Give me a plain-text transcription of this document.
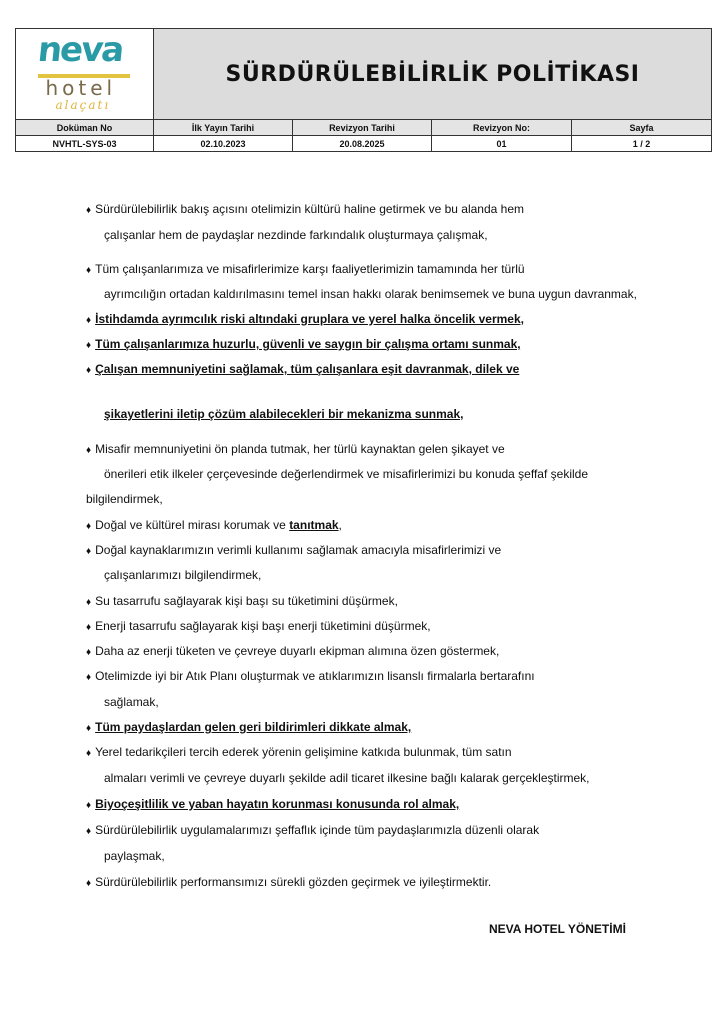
neva
hotel
alaçatı	SÜRDÜRÜLEBİLİRLİK POLİTİKASI			
Doküman No	İlk Yayın Tarihi	Revizyon Tarihi	Revizyon No:	Sayfa
NVHTL-SYS-03	02.10.2023	20.08.2025	01	1 / 2
♦ Sürdürülebilirlik bakış açısını otelimizin kültürü haline getirmek ve bu alanda hem
çalışanlar hem de paydaşlar nezdinde farkındalık oluşturmaya çalışmak,
♦ Tüm çalışanlarımıza ve misafirlerimize karşı faaliyetlerimizin tamamında her türlü
ayrımcılığın ortadan kaldırılmasını temel insan hakkı olarak benimsemek ve buna uygun davranmak,
♦ İstihdamda ayrımcılık riski altındaki gruplara ve yerel halka öncelik vermek,
♦ Tüm çalışanlarımıza huzurlu, güvenli ve saygın bir çalışma ortamı sunmak,
♦ Çalışan memnuniyetini sağlamak, tüm çalışanlara eşit davranmak, dilek ve
şikayetlerini iletip çözüm alabilecekleri bir mekanizma sunmak,
♦ Misafir memnuniyetini ön planda tutmak, her türlü kaynaktan gelen şikayet ve
önerileri etik ilkeler çerçevesinde değerlendirmek ve misafirlerimizi bu konuda şeffaf şekilde
bilgilendirmek,
♦ Doğal ve kültürel mirası korumak ve tanıtmak,
♦ Doğal kaynaklarımızın verimli kullanımı sağlamak amacıyla misafirlerimizi ve
çalışanlarımızı bilgilendirmek,
♦ Su tasarrufu sağlayarak kişi başı su tüketimini düşürmek,
♦ Enerji tasarrufu sağlayarak kişi başı enerji tüketimini düşürmek,
♦ Daha az enerji tüketen ve çevreye duyarlı ekipman alımına özen göstermek,
♦ Otelimizde iyi bir Atık Planı oluşturmak ve atıklarımızın lisanslı firmalarla bertarafını
sağlamak,
♦ Tüm paydaşlardan gelen geri bildirimleri dikkate almak,
♦ Yerel tedarikçileri tercih ederek yörenin gelişimine katkıda bulunmak, tüm satın
almaları verimli ve çevreye duyarlı şekilde adil ticaret ilkesine bağlı kalarak gerçekleştirmek,
♦ Biyoçeşitlilik ve yaban hayatın korunması konusunda rol almak,
♦ Sürdürülebilirlik uygulamalarımızı şeffaflık içinde tüm paydaşlarımızla düzenli olarak
paylaşmak,
♦ Sürdürülebilirlik performansımızı sürekli gözden geçirmek ve iyileştirmektir.
NEVA HOTEL YÖNETİMİ
